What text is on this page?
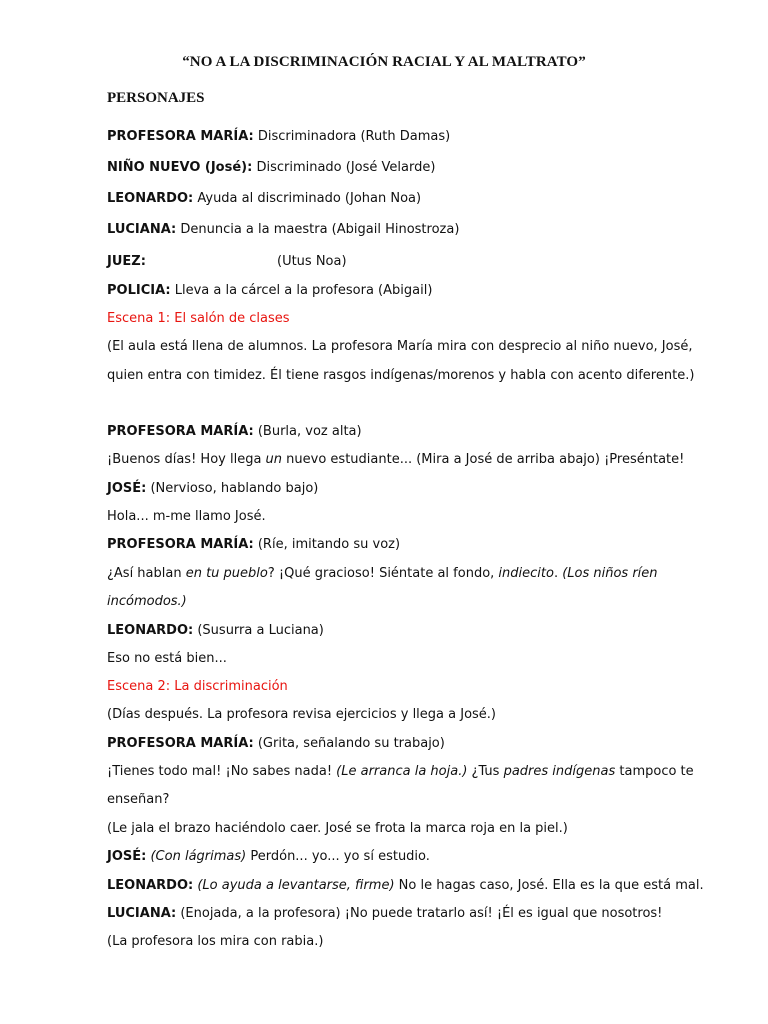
“NO A LA DISCRIMINACIÓN RACIAL Y AL MALTRATO”
PERSONAJES
PROFESORA MARÍA: Discriminadora (Ruth Damas)
NIÑO NUEVO (José): Discriminado (José Velarde)
LEONARDO: Ayuda al discriminado (Johan Noa)
LUCIANA: Denuncia a la maestra (Abigail Hinostroza)
JUEZ:	(Utus Noa)
POLICIA: Lleva a la cárcel a la profesora (Abigail)
Escena 1: El salón de clases
(El aula está llena de alumnos. La profesora María mira con desprecio al niño nuevo, José,
quien entra con timidez. Él tiene rasgos indígenas/morenos y habla con acento diferente.)
PROFESORA MARÍA: (Burla, voz alta)
¡Buenos días! Hoy llega un nuevo estudiante... (Mira a José de arriba abajo) ¡Preséntate!
JOSÉ: (Nervioso, hablando bajo)
Hola... m-me llamo José.
PROFESORA MARÍA: (Ríe, imitando su voz)
¿Así hablan en tu pueblo? ¡Qué gracioso! Siéntate al fondo, indiecito. (Los niños ríen
incómodos.)
LEONARDO: (Susurra a Luciana)
Eso no está bien...
Escena 2: La discriminación
(Días después. La profesora revisa ejercicios y llega a José.)
PROFESORA MARÍA: (Grita, señalando su trabajo)
¡Tienes todo mal! ¡No sabes nada! (Le arranca la hoja.) ¿Tus padres indígenas tampoco te
enseñan?
(Le jala el brazo haciéndolo caer. José se frota la marca roja en la piel.)
JOSÉ: (Con lágrimas) Perdón... yo... yo sí estudio.
LEONARDO: (Lo ayuda a levantarse, firme) No le hagas caso, José. Ella es la que está mal.
LUCIANA: (Enojada, a la profesora) ¡No puede tratarlo así! ¡Él es igual que nosotros!
(La profesora los mira con rabia.)
